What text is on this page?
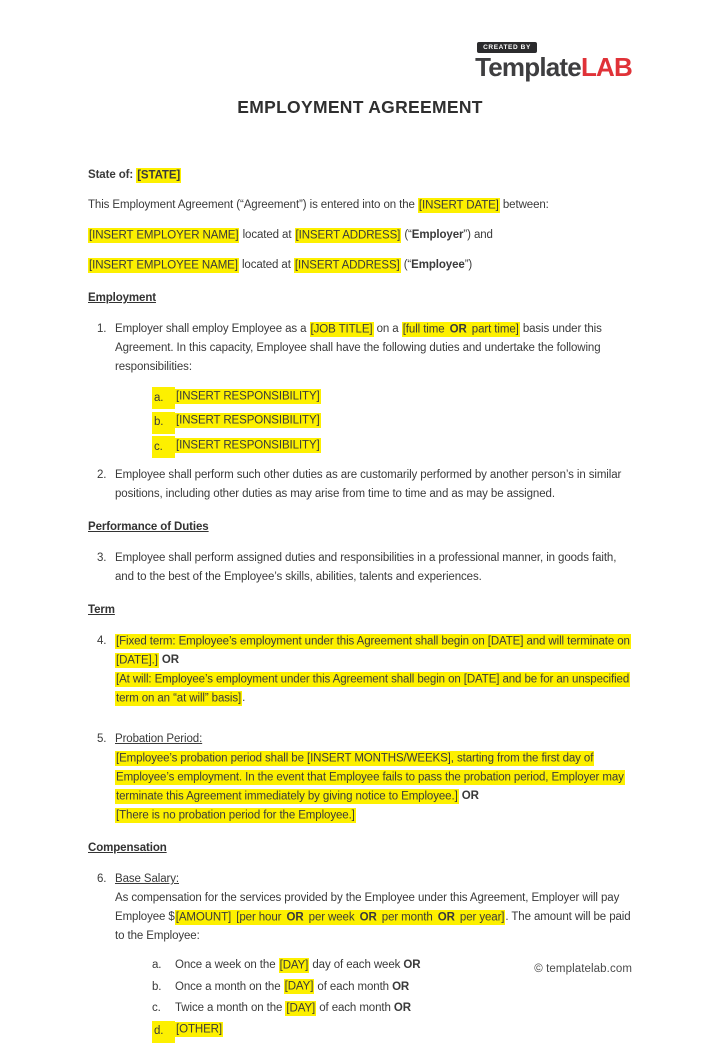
CREATED BY
TemplateLAB
EMPLOYMENT AGREEMENT

State of: [STATE]

This Employment Agreement (“Agreement”) is entered into on the [INSERT DATE] between:

[INSERT EMPLOYER NAME] located at [INSERT ADDRESS] (“Employer”) and

[INSERT EMPLOYEE NAME] located at [INSERT ADDRESS] (“Employee”)

Employment
1. Employer shall employ Employee as a [JOB TITLE] on a [full time OR part time] basis under this Agreement. In this capacity, Employee shall have the following duties and undertake the following responsibilities:
a.	[INSERT RESPONSIBILITY]
b.	[INSERT RESPONSIBILITY]
c.	[INSERT RESPONSIBILITY]
2. Employee shall perform such other duties as are customarily performed by another person’s in similar positions, including other duties as may arise from time to time and as may be assigned.
Performance of Duties
3. Employee shall perform assigned duties and responsibilities in a professional manner, in goods faith, and to the best of the Employee’s skills, abilities, talents and experiences.
Term
4. [Fixed term: Employee’s employment under this Agreement shall begin on [DATE] and will terminate on [DATE].] OR
[At will: Employee’s employment under this Agreement shall begin on [DATE] and be for an unspecified term on an “at will” basis].
5. Probation Period:
[Employee’s probation period shall be [INSERT MONTHS/WEEKS], starting from the first day of Employee’s employment. In the event that Employee fails to pass the probation period, Employer may terminate this Agreement immediately by giving notice to Employee.] OR
[There is no probation period for the Employee.]
Compensation
6. Base Salary:
As compensation for the services provided by the Employee under this Agreement, Employer will pay Employee $[AMOUNT] [per hour OR per week OR per month OR per year]. The amount will be paid to the Employee:
a.	Once a week on the [DAY] day of each week OR
b.	Once a month on the [DAY] of each month OR
c.	Twice a month on the [DAY] of each month OR
d.	[OTHER]
© templatelab.com
